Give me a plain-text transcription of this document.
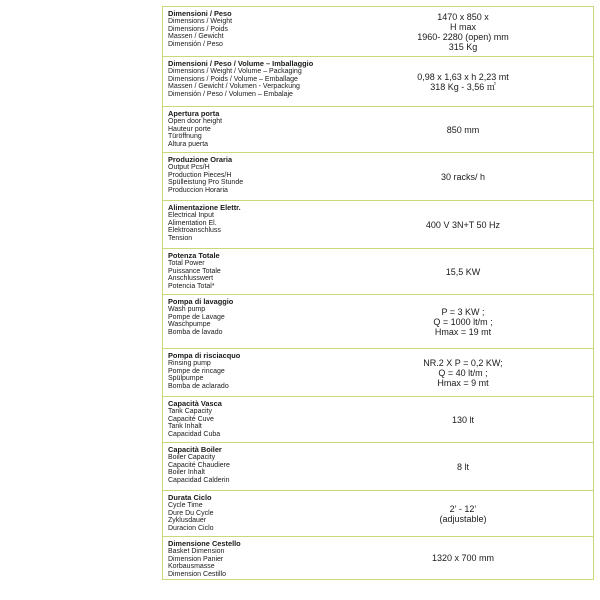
Dimensioni / Peso
Dimensions / Weight
Dimensions / Poids
Massen / Gewicht
Dimensión / Peso
1470 x 850 x
H max
1960- 2280 (open) mm
315 Kg
Dimensioni / Peso / Volume – Imballaggio
Dimensions / Weight / Volume – Packaging
Dimensions / Poids / Volume – Emballage
Massen / Gewicht / Volumen - Verpackung
Dimensión / Peso / Volumen – Embalaje
0,98 x 1,63 x h 2,23 mt
318 Kg - 3,56 ㎥
Apertura porta
Open door height
Hauteur porte
Türöffnung
Altura puerta
850 mm
Produzione Oraria
Output Pcs/H
Production Pieces/H
Spülleistung Pro Stunde
Produccion Horaria
30 racks/ h
Alimentazione Elettr.
Electrical Input
Alimentation El.
Elektroanschluss
Tension
400 V 3N+T 50 Hz
Potenza Totale
Total Power
Puissance Totale
Anschlusswert
Potencia Total*
15,5 KW
Pompa di lavaggio
Wash pump
Pompe de Lavage
Waschpumpe
Bomba de lavado
P = 3 KW ;
Q = 1000 lt/m ;
Hmax = 19 mt
Pompa di risciacquo
Rinsing pump
Pompe de rincage
Spülpumpe
Bomba de aclarado
NR.2 X P = 0,2 KW;
Q = 40 lt/m ;
Hmax = 9 mt
Capacità Vasca
Tank Capacity
Capacité Cuve
Tank Inhalt
Capacidad Cuba
130 lt
Capacità Boiler
Boiler Capacity
Capacité Chaudiere
Boiler Inhalt
Capacidad Calderin
8 lt
Durata Ciclo
Cycle Time
Dure Du Cycle
Zyklusdauer
Duracion Ciclo
2’ - 12’
(adjustable)
Dimensione Cestello
Basket Dimension
Dimension Panier
Korbausmasse
Dimension Cestillo
1320 x 700 mm
